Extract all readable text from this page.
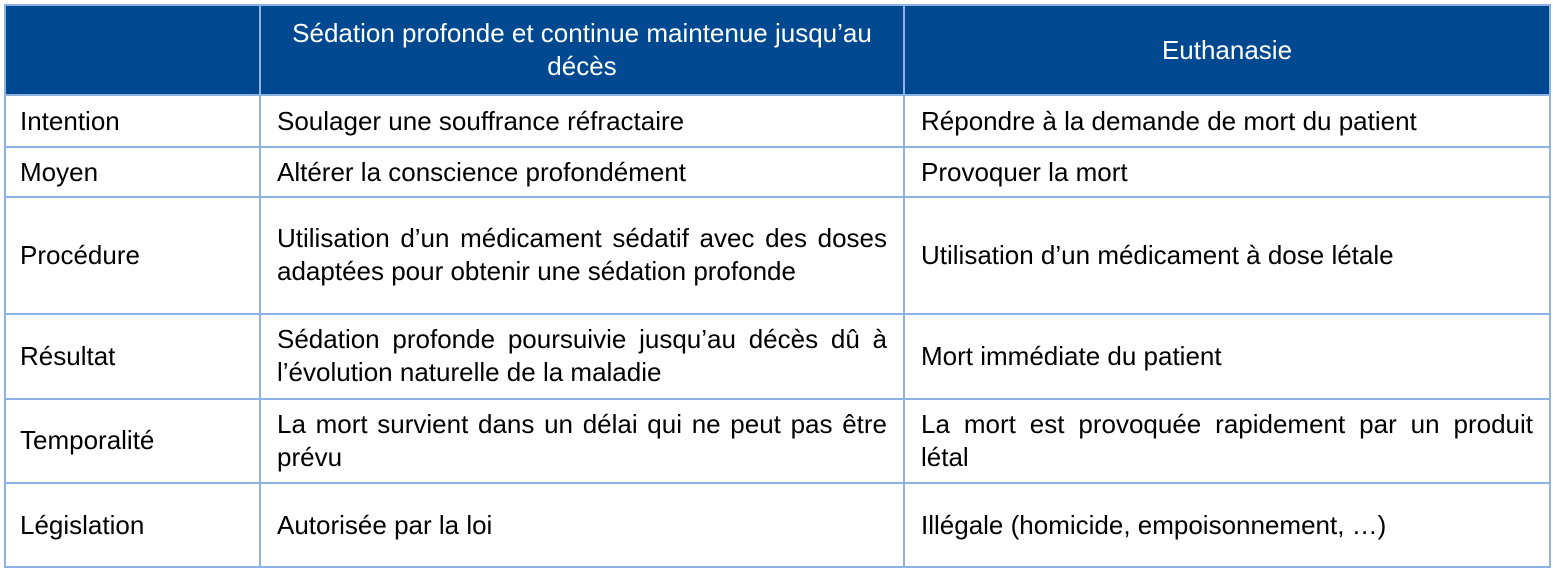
	Sédation profonde et continue maintenue jusqu’au décès	Euthanasie
Intention	Soulager une souffrance réfractaire	Répondre à la demande de mort du patient
Moyen	Altérer la conscience profondément	Provoquer la mort
Procédure	Utilisation d’un médicament sédatif avec des doses adaptées pour obtenir une sédation profonde	Utilisation d’un médicament à dose létale
Résultat	Sédation profonde poursuivie jusqu’au décès dû à l’évolution naturelle de la maladie	Mort immédiate du patient
Temporalité	La mort survient dans un délai qui ne peut pas être prévu	La mort est provoquée rapidement par un produit létal
Législation	Autorisée par la loi	Illégale (homicide, empoisonnement, …)
